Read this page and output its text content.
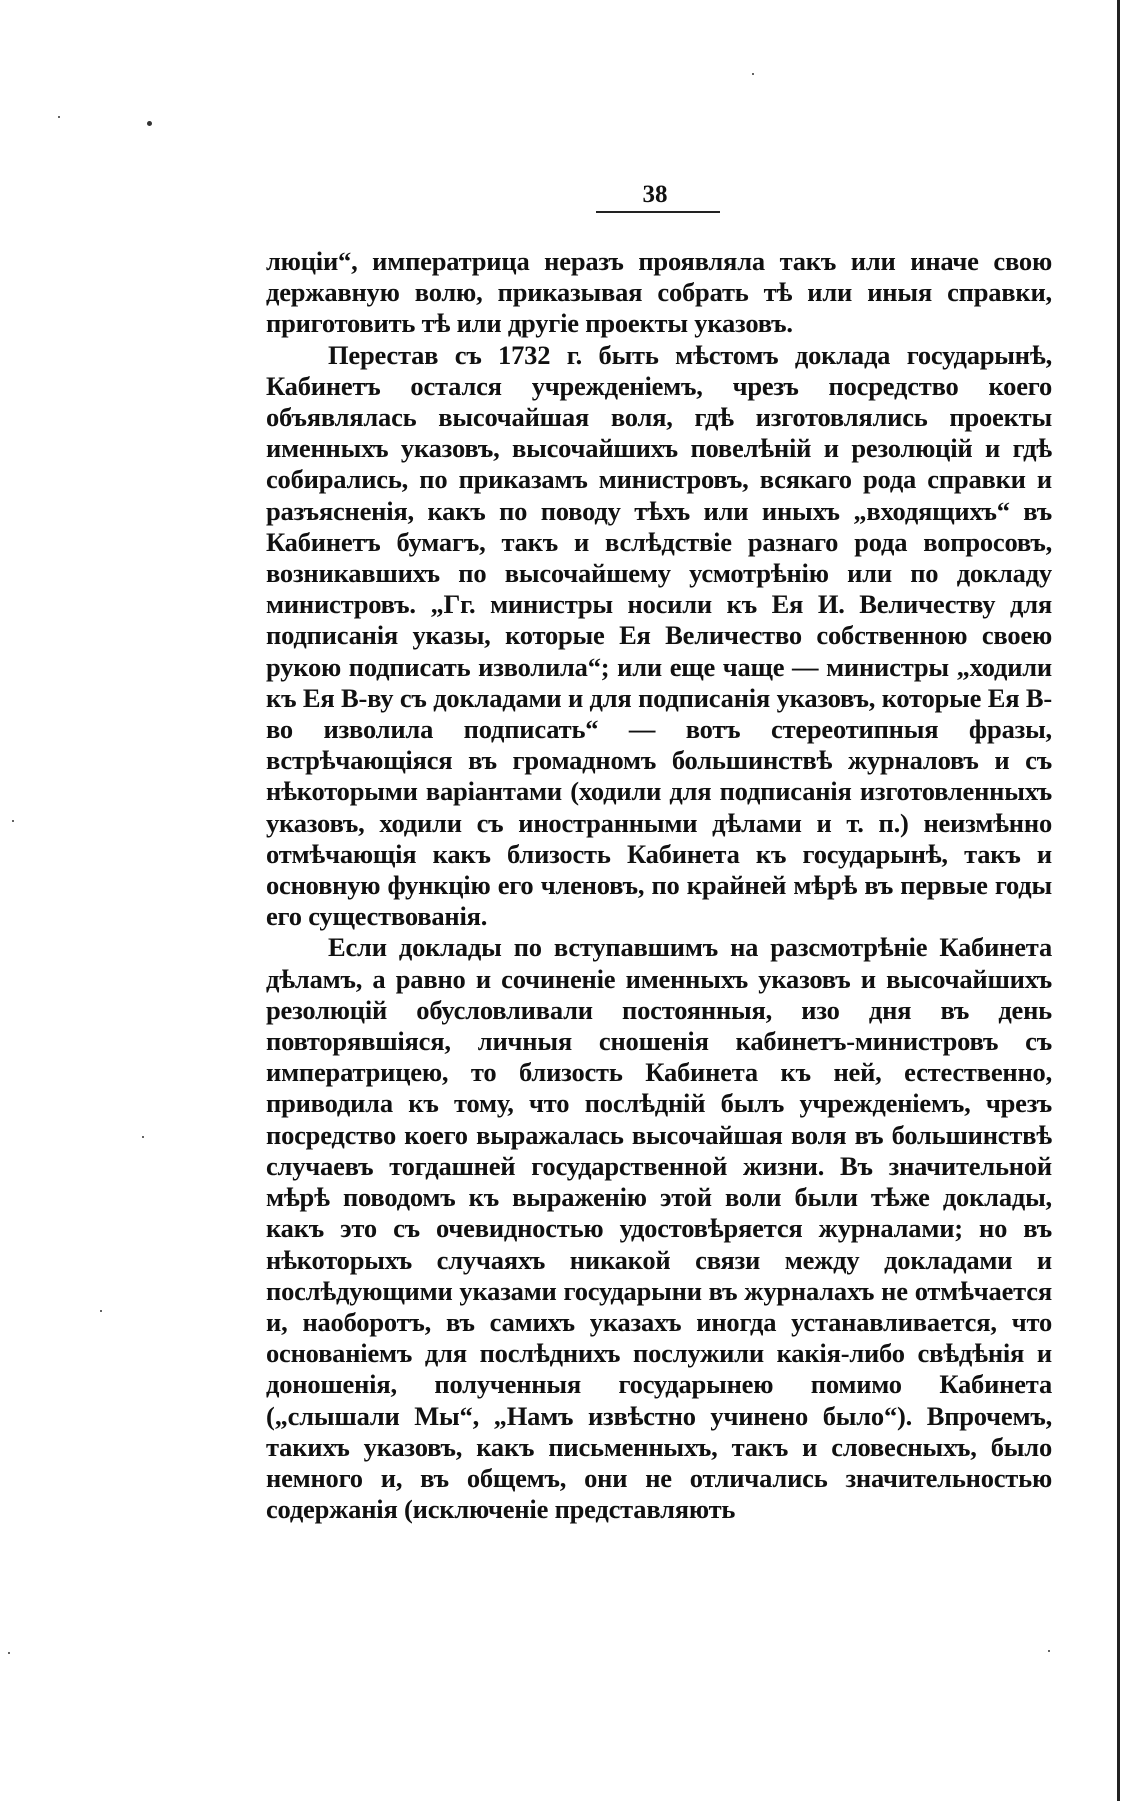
38

люціи“, императрица неразъ проявляла такъ или иначе свою державную волю, приказывая собрать тѣ или иныя справки, приготовить тѣ или другіе проекты указовъ.

Перестав съ 1732 г. быть мѣстомъ доклада государынѣ, Кабинетъ остался учрежденіемъ, чрезъ посредство коего объявлялась высочайшая воля, гдѣ изготовлялись проекты именныхъ указовъ, высочайшихъ повелѣній и резолюцій и гдѣ собирались, по приказамъ министровъ, всякаго рода справки и разъясненія, какъ по поводу тѣхъ или иныхъ „входящихъ“ въ Кабинетъ бумагъ, такъ и вслѣдствіе разнаго рода вопросовъ, возникавшихъ по высочайшему усмотрѣнію или по докладу министровъ. „Гг. министры носили къ Ея И. Величеству для подписанія указы, которые Ея Величество собственною своею рукою подписать изволила“; или еще чаще — министры „ходили къ Ея В-ву съ докладами и для подписанія указовъ, которые Ея В-во изволила подписать“ — вотъ стереотипныя фразы, встрѣчающіяся въ громадномъ большинствѣ журналовъ и съ нѣкоторыми варіантами (ходили для подписанія изготовленныхъ указовъ, ходили съ иностранными дѣлами и т. п.) неизмѣнно отмѣчающія какъ близость Кабинета къ государынѣ, такъ и основную функцію его членовъ, по крайней мѣрѣ въ первые годы его существованія.

Если доклады по вступавшимъ на разсмотрѣніе Кабинета дѣламъ, а равно и сочиненіе именныхъ указовъ и высочайшихъ резолюцій обусловливали постоянныя, изо дня въ день повторявшіяся, личныя сношенія кабинетъ-министровъ съ императрицею, то близость Кабинета къ ней, естественно, приводила къ тому, что послѣдній былъ учрежденіемъ, чрезъ посредство коего выражалась высочайшая воля въ большинствѣ случаевъ тогдашней государственной жизни. Въ значительной мѣрѣ поводомъ къ выраженію этой воли были тѣже доклады, какъ это съ очевидностью удостовѣряется журналами; но въ нѣкоторыхъ случаяхъ никакой связи между докладами и послѣдующими указами государыни въ журналахъ не отмѣчается и, наоборотъ, въ самихъ указахъ иногда устанавливается, что основаніемъ для послѣднихъ послужили какія-либо свѣдѣнія и доношенія, полученныя государынею помимо Кабинета („слышали Мы“, „Намъ извѣстно учинено было“). Впрочемъ, такихъ указовъ, какъ письменныхъ, такъ и словесныхъ, было немного и, въ общемъ, они не отличались значительностью содержанія (исключеніе представляють
